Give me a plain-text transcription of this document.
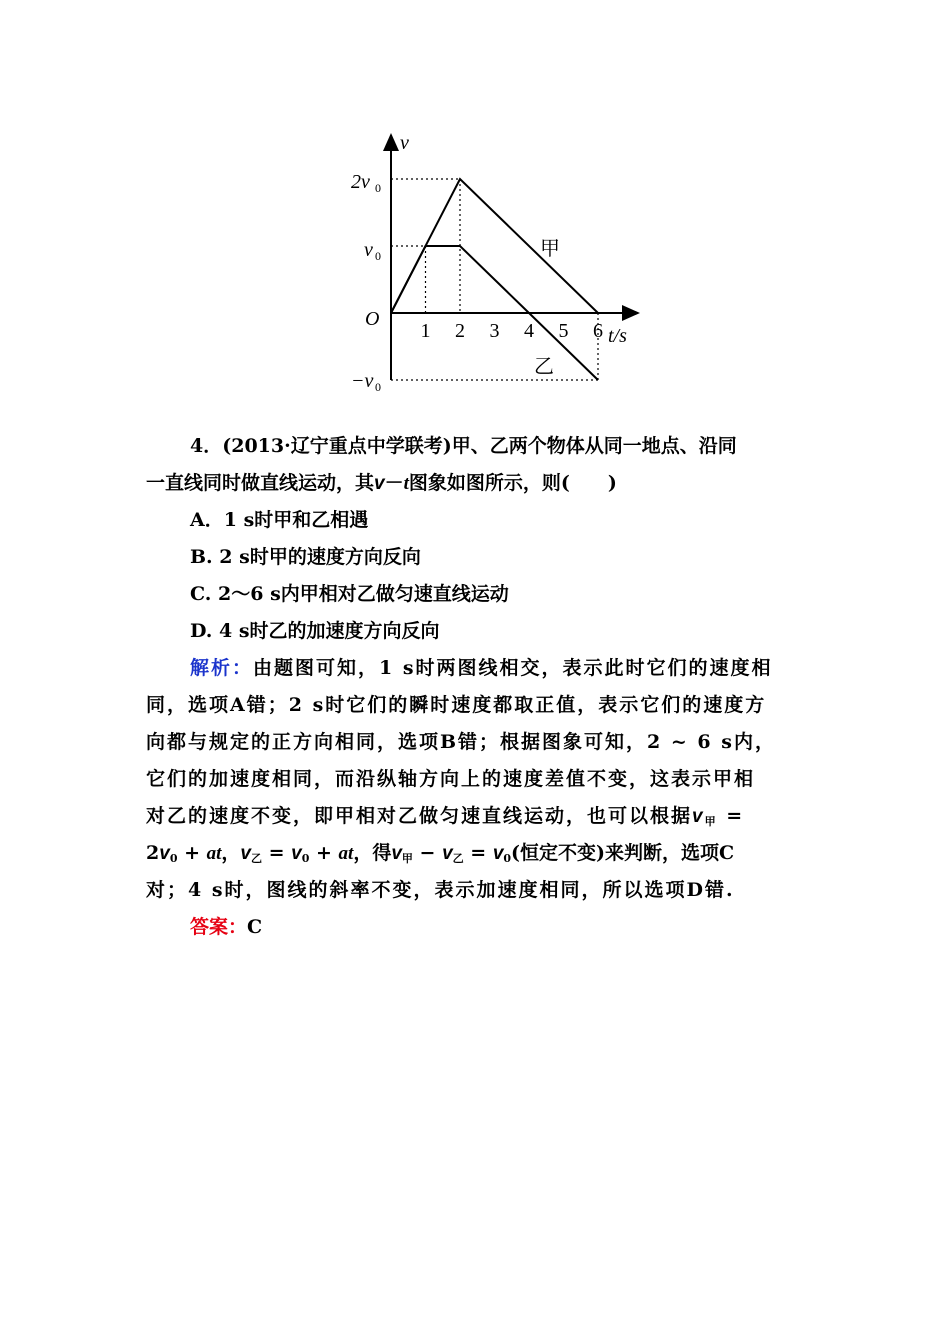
1 2 3 4 5 6
v
O
t/s
2v 0
v 0
−v 0
甲
乙
4．(2013·辽宁重点中学联考)甲、乙两个物体从同一地点、沿同
一直线同时做直线运动，其v－t图象如图所示，则(　　)
A．1 s时甲和乙相遇
B. 2 s时甲的速度方向反向
C. 2～6 s内甲相对乙做匀速直线运动
D. 4 s时乙的加速度方向反向
解析：由题图可知，1 s时两图线相交，表示此时它们的速度相
同，选项A错；2 s时它们的瞬时速度都取正值，表示它们的速度方
向都与规定的正方向相同，选项B错；根据图象可知，2 ~ 6 s内，
它们的加速度相同，而沿纵轴方向上的速度差值不变，这表示甲相
对乙的速度不变，即甲相对乙做匀速直线运动，也可以根据$v_甲$ =
$2v_0$ + at，$v_乙 = v_0$ + at，得$v_甲 - v_乙 = v_0$(恒定不变)来判断，选项C
对；4 s时，图线的斜率不变，表示加速度相同，所以选项D错.
答案：C
